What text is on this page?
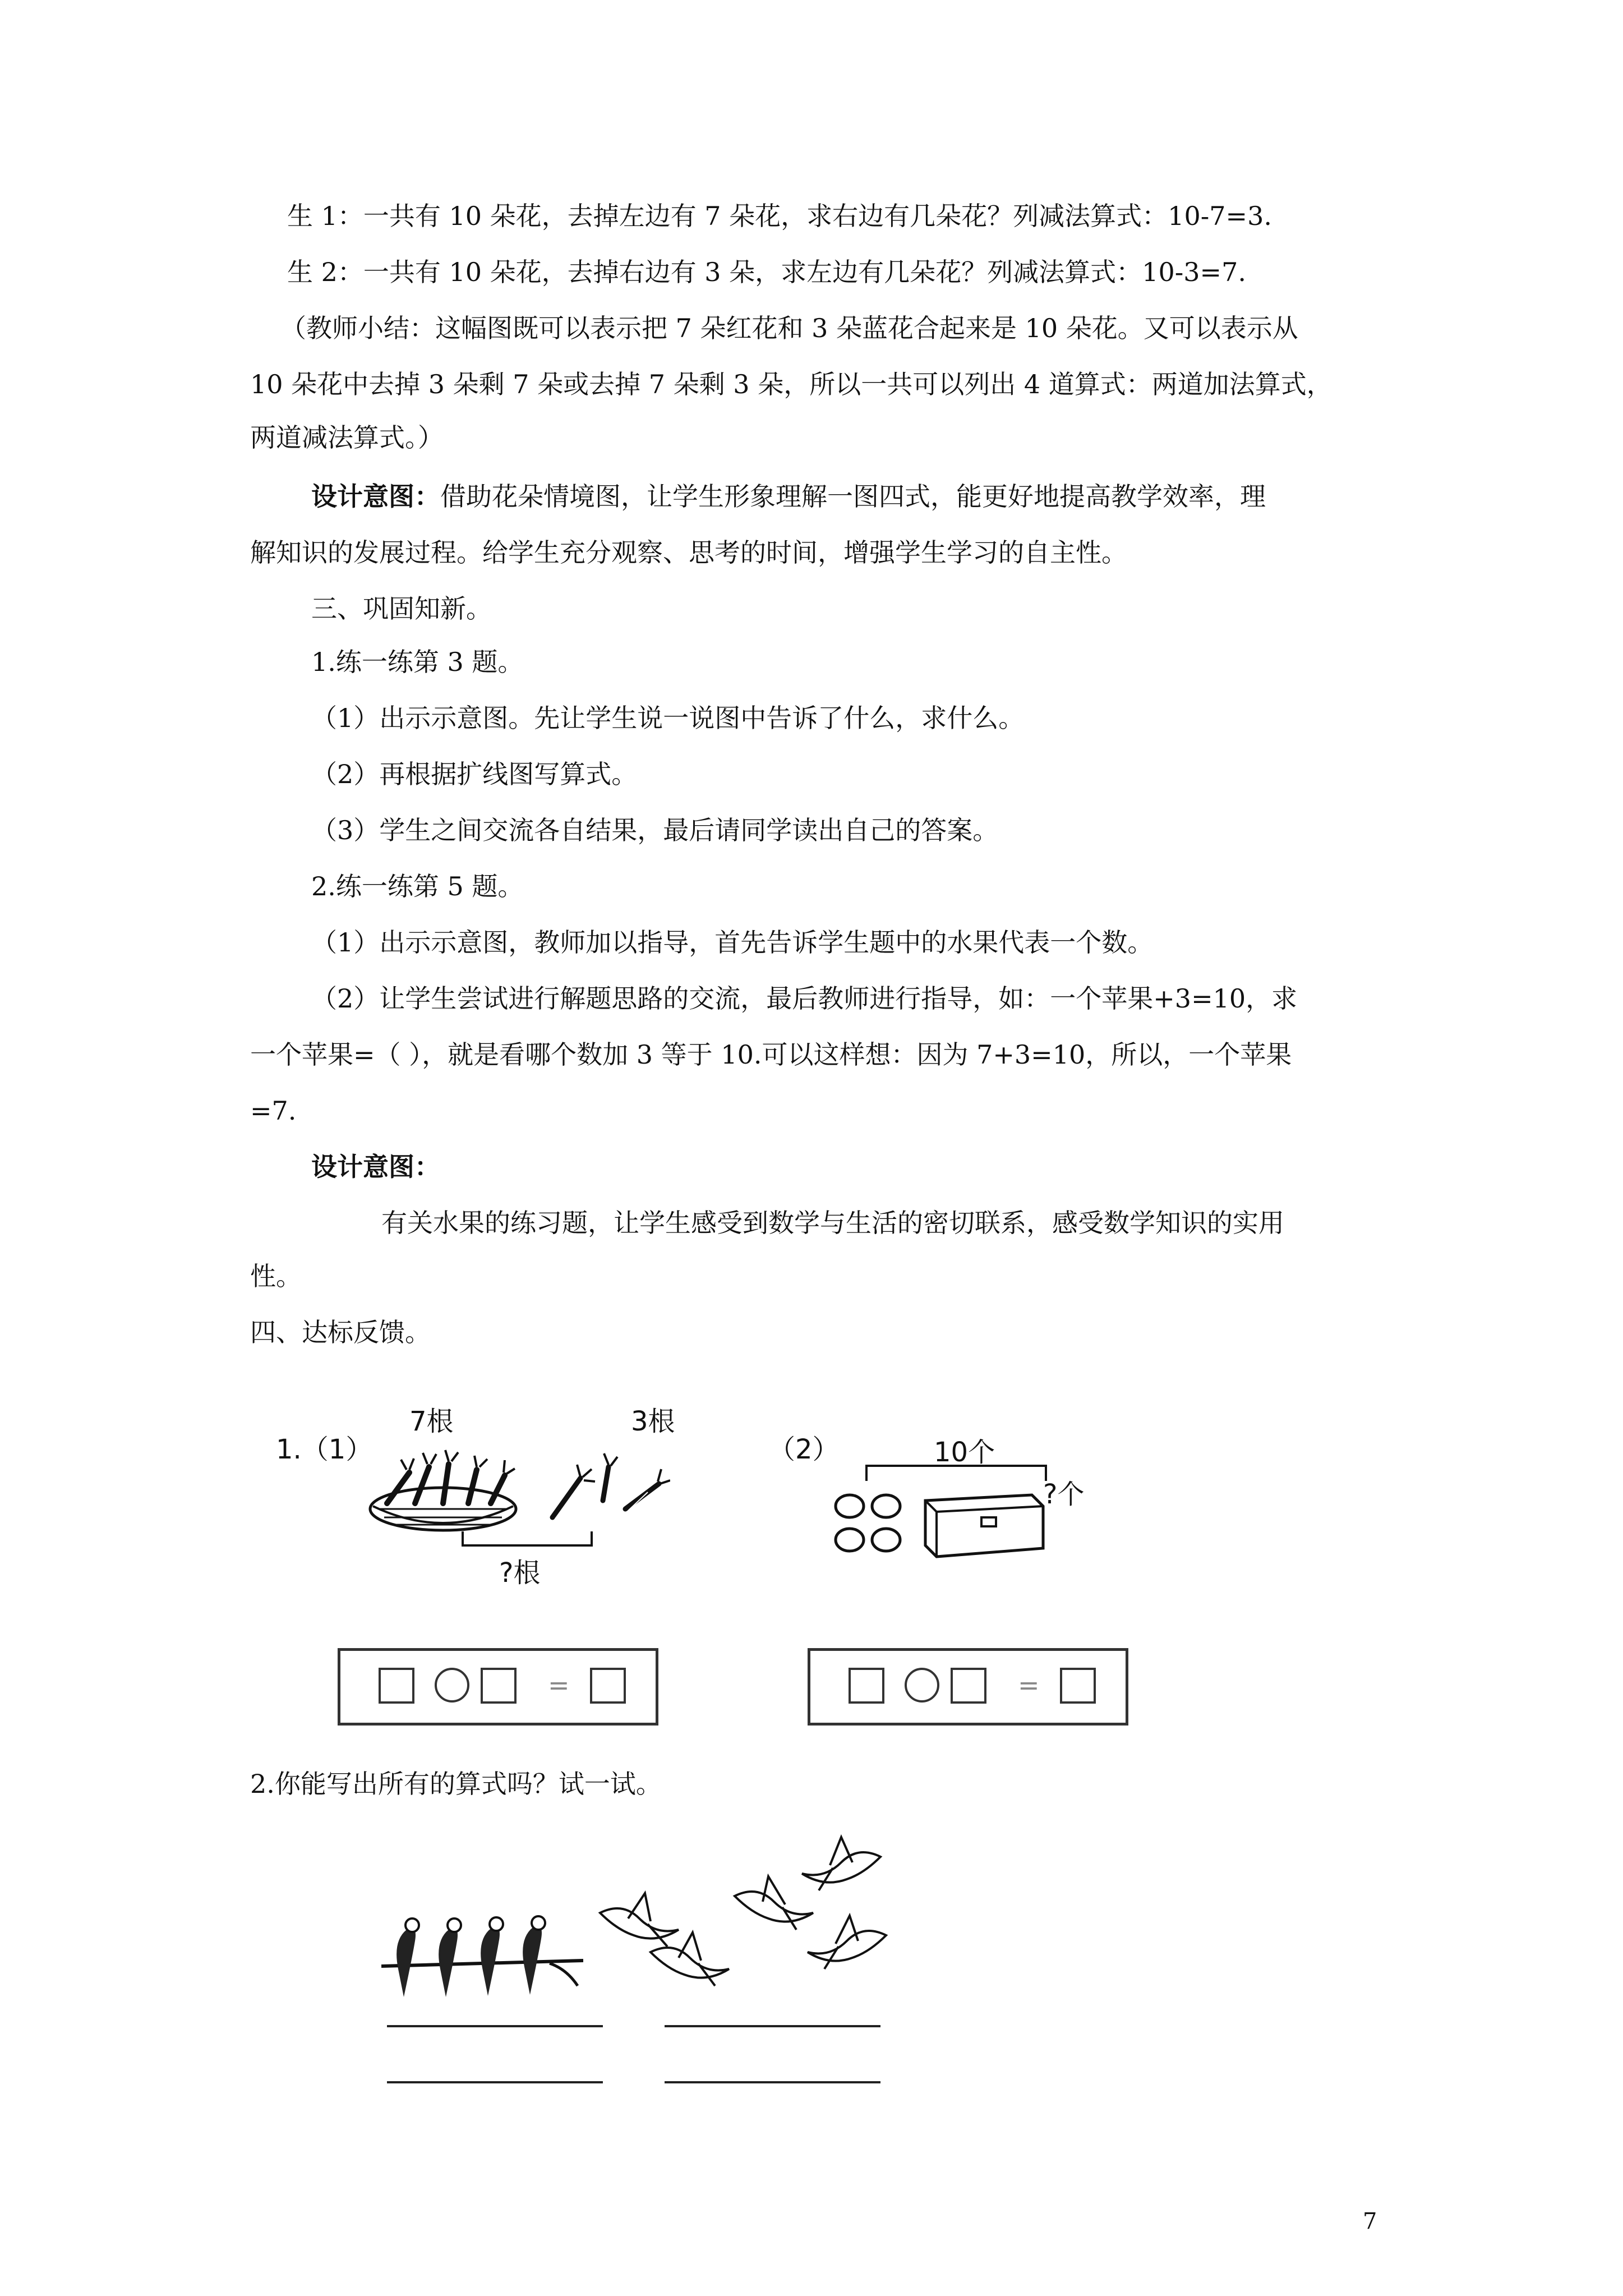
生 1：一共有 10 朵花，去掉左边有 7 朵花，求右边有几朵花？列减法算式：10-7=3.
生 2：一共有 10 朵花，去掉右边有 3 朵，求左边有几朵花？列减法算式：10-3=7.
（教师小结：这幅图既可以表示把 7 朵红花和 3 朵蓝花合起来是 10 朵花。又可以表示从
10 朵花中去掉 3 朵剩 7 朵或去掉 7 朵剩 3 朵，所以一共可以列出 4 道算式：两道加法算式，
两道减法算式。）
设计意图：借助花朵情境图，让学生形象理解一图四式，能更好地提高教学效率，理
解知识的发展过程。给学生充分观察、思考的时间，增强学生学习的自主性。
三、巩固知新。
1.练一练第 3 题。
（1）出示示意图。先让学生说一说图中告诉了什么，求什么。
（2）再根据扩线图写算式。
（3）学生之间交流各自结果，最后请同学读出自己的答案。
2.练一练第 5 题。
（1）出示示意图，教师加以指导，首先告诉学生题中的水果代表一个数。
（2）让学生尝试进行解题思路的交流，最后教师进行指导，如：一个苹果+3=10，求
一个苹果=（ ），就是看哪个数加 3 等于 10.可以这样想：因为 7+3=10，所以，一个苹果
=7.
设计意图：
有关水果的练习题，让学生感受到数学与生活的密切联系，感受数学知识的实用
性。
四、达标反馈。
1.（1）
7根	3根
?根
（2）	10个
?个
=	=
2.你能写出所有的算式吗？试一试。
7
